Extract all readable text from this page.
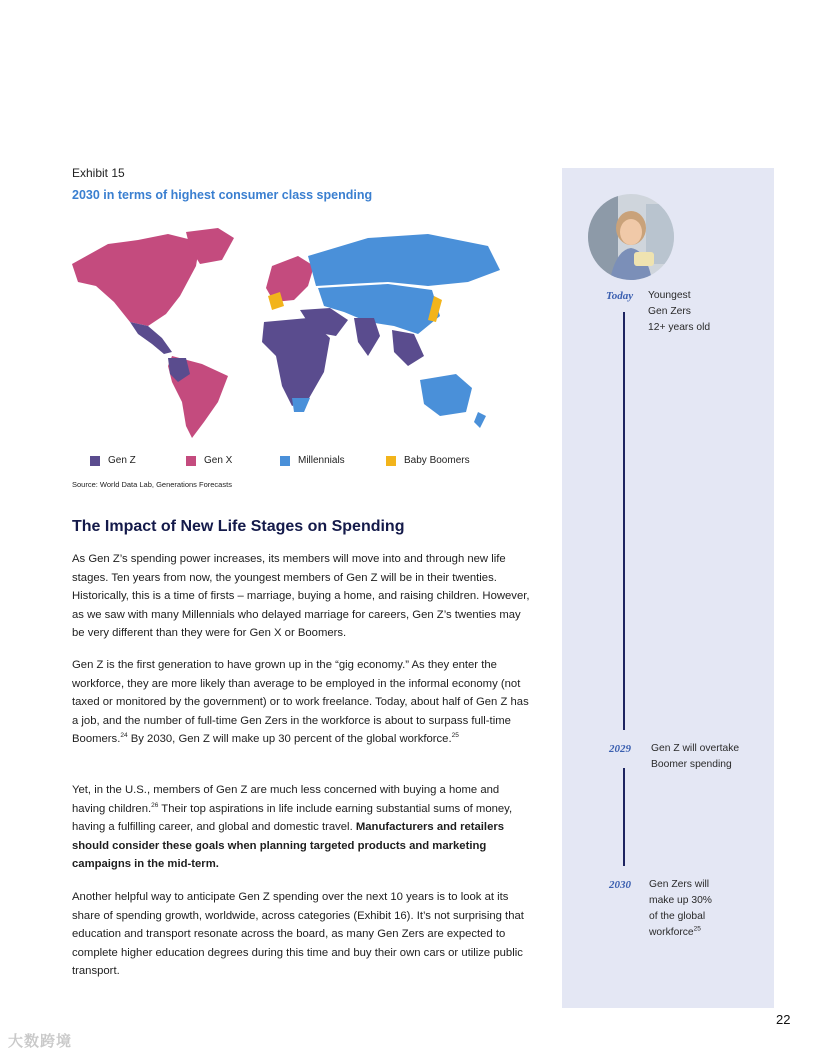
Exhibit 15
2030 in terms of highest consumer class spending
Gen Z	Gen X	Millennials	Baby Boomers
Source: World Data Lab, Generations Forecasts
The Impact of New Life Stages on Spending

As Gen Z’s spending power increases, its members will move into and through new life stages. Ten years from now, the youngest members of Gen Z will be in their twenties. Historically, this is a time of firsts – marriage, buying a home, and raising children. However, as we saw with many Millennials who delayed marriage for careers, Gen Z’s twenties may be very different than they were for Gen X or Boomers.

Gen Z is the first generation to have grown up in the “gig economy.” As they enter the workforce, they are more likely than average to be employed in the informal economy (not taxed or monitored by the government) or to work freelance. Today, about half of Gen Z has a job, and the number of full-time Gen Zers in the workforce is about to surpass full-time Boomers.$^{24}$ By 2030, Gen Z will make up 30 percent of the global workforce.$^{25}$

Yet, in the U.S., members of Gen Z are much less concerned with buying a home and having children.$^{26}$ Their top aspirations in life include earning substantial sums of money, having a fulfilling career, and global and domestic travel. Manufacturers and retailers should consider these goals when planning targeted products and marketing campaigns in the mid-term.

Another helpful way to anticipate Gen Z spending over the next 10 years is to look at its share of spending growth, worldwide, across categories (Exhibit 16). It’s not surprising that education and transport resonate across the board, as many Gen Zers are expected to complete higher education degrees during this time and buy their own cars or utilize public transport.

Today Youngest
Gen Zers
12+ years old
2029 Gen Z will overtake
Boomer spending
2030 Gen Zers will
make up 30%
of the global
workforce$^{25}$
22
大数跨境
